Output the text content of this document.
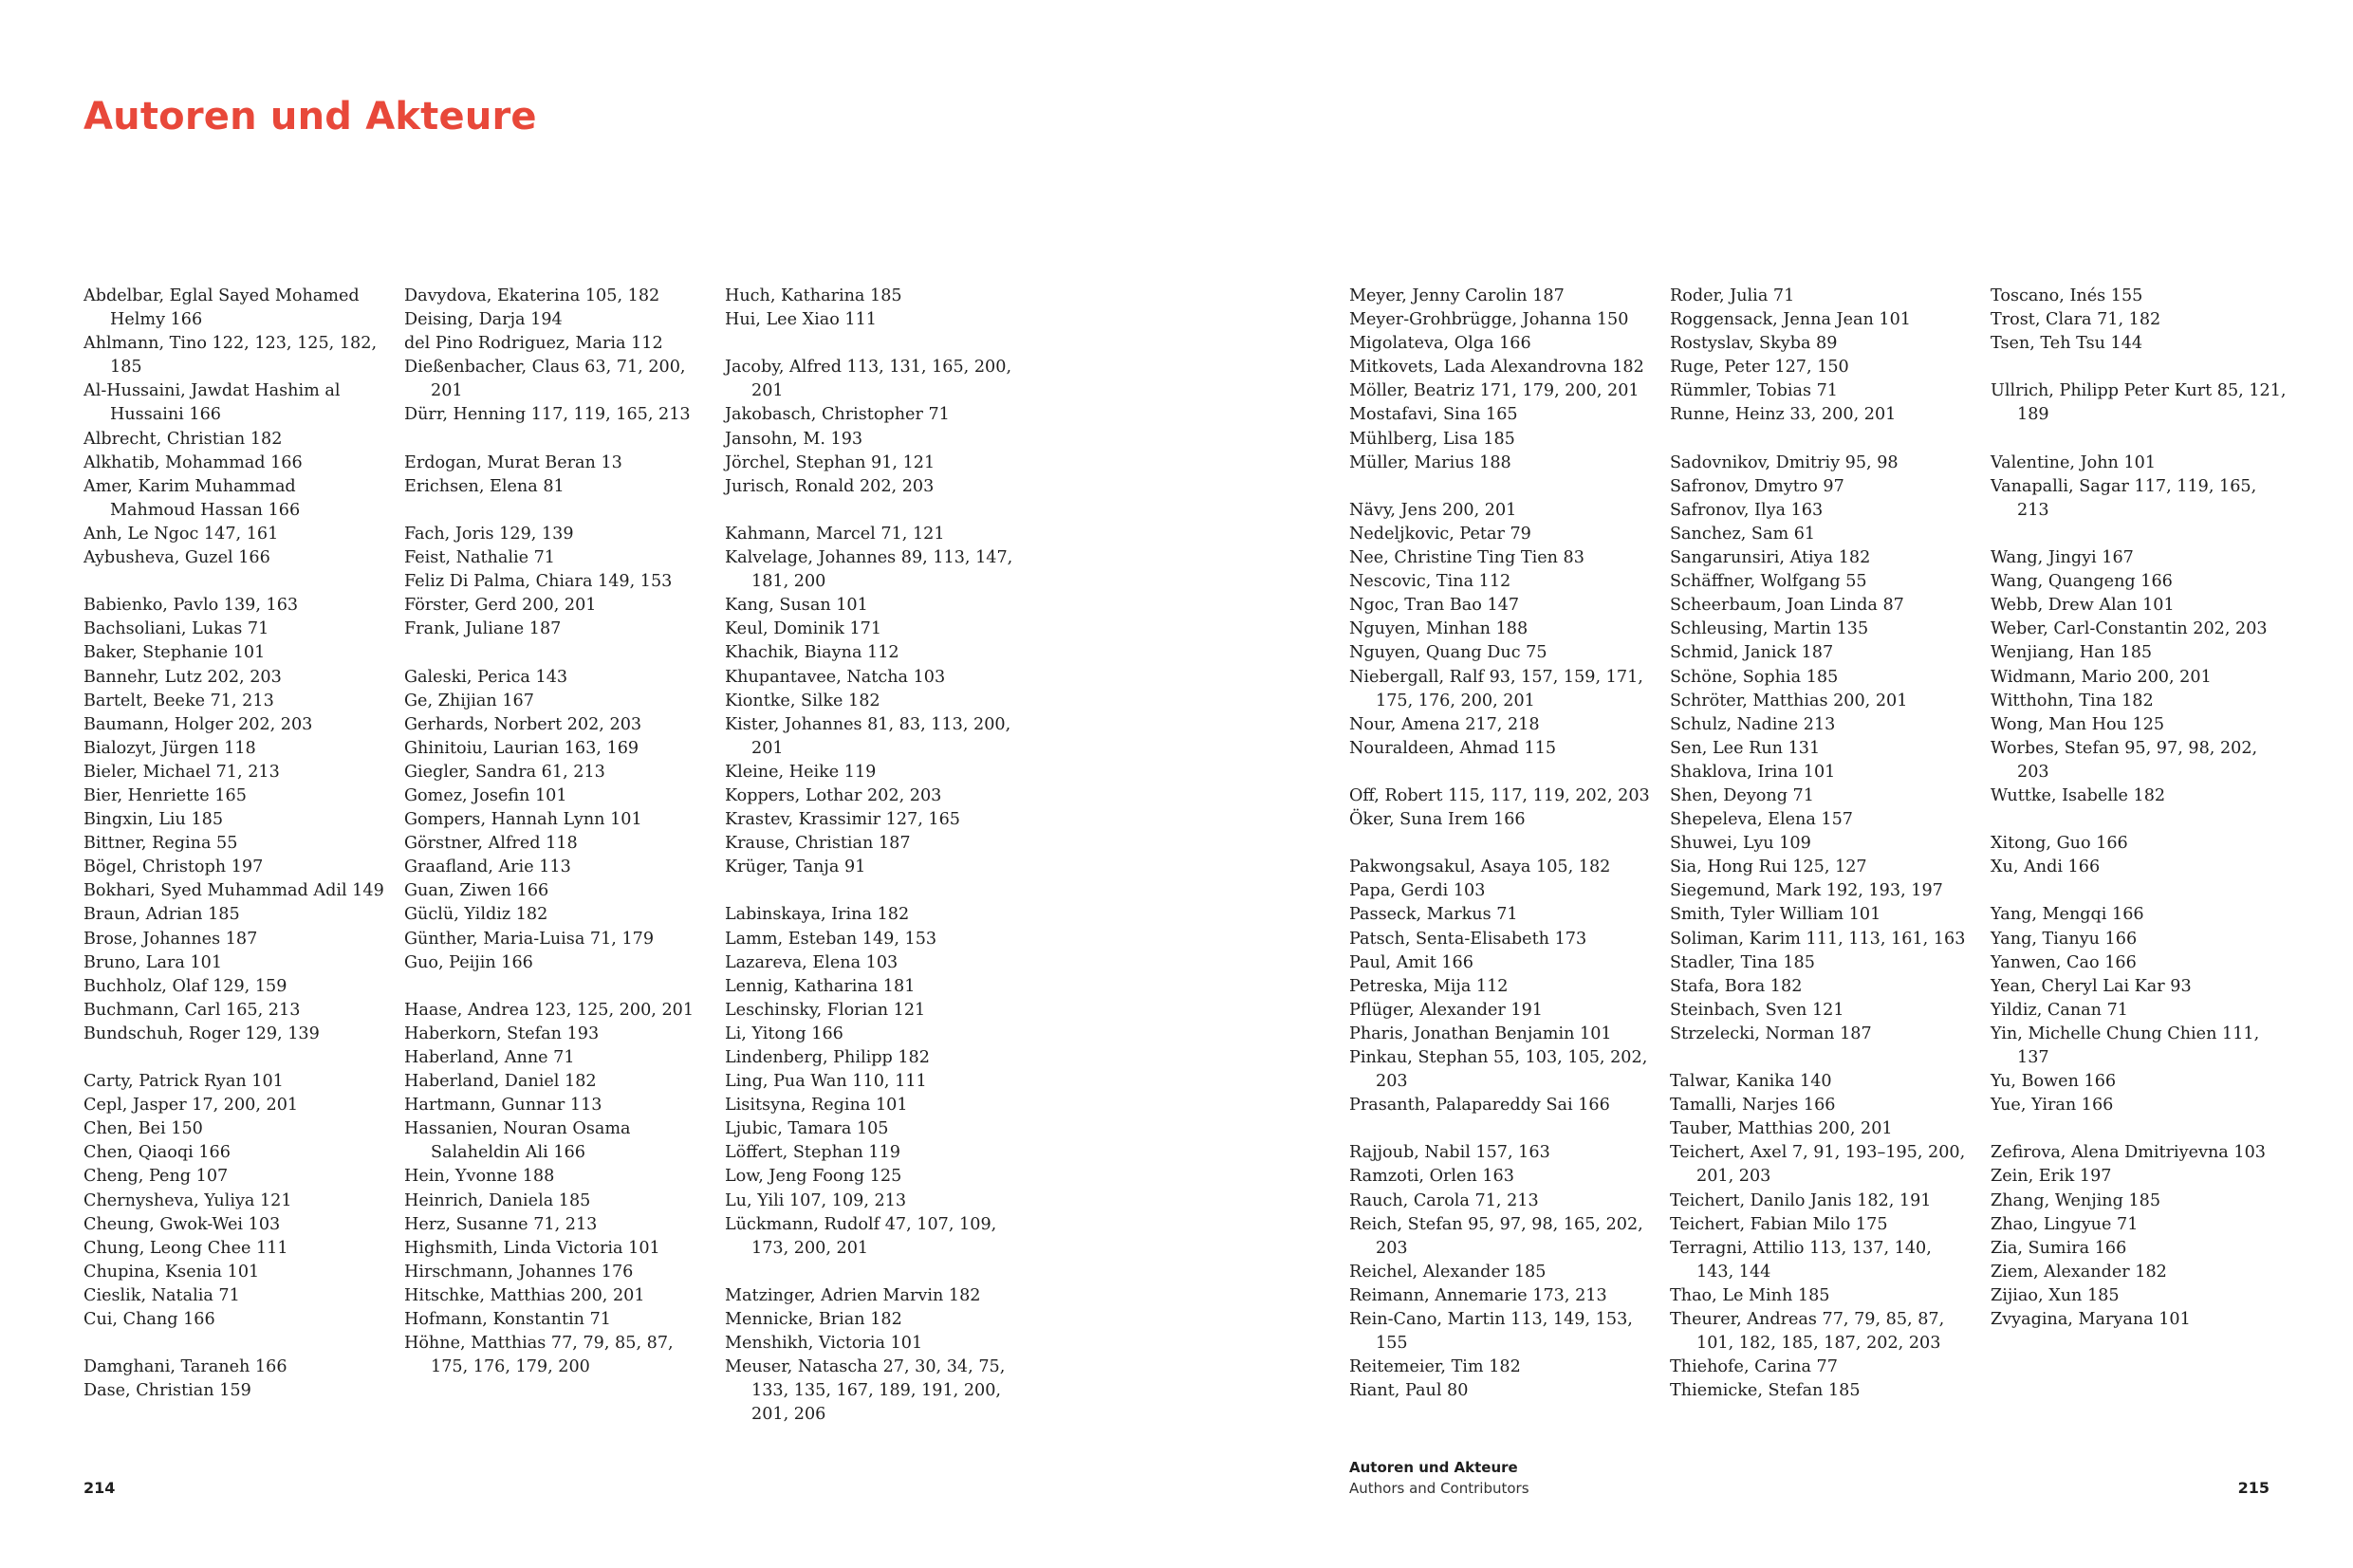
Autoren und Akteure
Abdelbar, Eglal Sayed Mohamed Helmy 166
Ahlmann, Tino 122, 123, 125, 182, 185
Al-Hussaini, Jawdat Hashim al Hussaini 166
Albrecht, Christian 182
Alkhatib, Mohammad 166
Amer, Karim Muhammad Mahmoud Hassan 166
Anh, Le Ngoc 147, 161
Aybusheva, Guzel 166
Babienko, Pavlo 139, 163
Bachsoliani, Lukas 71
Baker, Stephanie 101
Bannehr, Lutz 202, 203
Bartelt, Beeke 71, 213
Baumann, Holger 202, 203
Bialozyt, Jürgen 118
Bieler, Michael 71, 213
Bier, Henriette 165
Bingxin, Liu 185
Bittner, Regina 55
Bögel, Christoph 197
Bokhari, Syed Muhammad Adil 149
Braun, Adrian 185
Brose, Johannes 187
Bruno, Lara 101
Buchholz, Olaf 129, 159
Buchmann, Carl 165, 213
Bundschuh, Roger 129, 139
Carty, Patrick Ryan 101
Cepl, Jasper 17, 200, 201
Chen, Bei 150
Chen, Qiaoqi 166
Cheng, Peng 107
Chernysheva, Yuliya 121
Cheung, Gwok-Wei 103
Chung, Leong Chee 111
Chupina, Ksenia 101
Cieslik, Natalia 71
Cui, Chang 166
Damghani, Taraneh 166
Dase, Christian 159
Davydova, Ekaterina 105, 182
Deising, Darja 194
del Pino Rodriguez, Maria 112
Dießenbacher, Claus 63, 71, 200, 201
Dürr, Henning 117, 119, 165, 213
Erdogan, Murat Beran 13
Erichsen, Elena 81
Fach, Joris 129, 139
Feist, Nathalie 71
Feliz Di Palma, Chiara 149, 153
Förster, Gerd 200, 201
Frank, Juliane 187
Galeski, Perica 143
Ge, Zhijian 167
Gerhards, Norbert 202, 203
Ghinitoiu, Laurian 163, 169
Giegler, Sandra 61, 213
Gomez, Josefin 101
Gompers, Hannah Lynn 101
Görstner, Alfred 118
Graafland, Arie 113
Guan, Ziwen 166
Güclü, Yildiz 182
Günther, Maria-Luisa 71, 179
Guo, Peijin 166
Haase, Andrea 123, 125, 200, 201
Haberkorn, Stefan 193
Haberland, Anne 71
Haberland, Daniel 182
Hartmann, Gunnar 113
Hassanien, Nouran Osama Salaheldin Ali 166
Hein, Yvonne 188
Heinrich, Daniela 185
Herz, Susanne 71, 213
Highsmith, Linda Victoria 101
Hirschmann, Johannes 176
Hitschke, Matthias 200, 201
Hofmann, Konstantin 71
Höhne, Matthias 77, 79, 85, 87, 175, 176, 179, 200
Huch, Katharina 185
Hui, Lee Xiao 111
Jacoby, Alfred 113, 131, 165, 200, 201
Jakobasch, Christopher 71
Jansohn, M. 193
Jörchel, Stephan 91, 121
Jurisch, Ronald 202, 203
Kahmann, Marcel 71, 121
Kalvelage, Johannes 89, 113, 147, 181, 200
Kang, Susan 101
Keul, Dominik 171
Khachik, Biayna 112
Khupantavee, Natcha 103
Kiontke, Silke 182
Kister, Johannes 81, 83, 113, 200, 201
Kleine, Heike 119
Koppers, Lothar 202, 203
Krastev, Krassimir 127, 165
Krause, Christian 187
Krüger, Tanja 91
Labinskaya, Irina 182
Lamm, Esteban 149, 153
Lazareva, Elena 103
Lennig, Katharina 181
Leschinsky, Florian 121
Li, Yitong 166
Lindenberg, Philipp 182
Ling, Pua Wan 110, 111
Lisitsyna, Regina 101
Ljubic, Tamara 105
Löffert, Stephan 119
Low, Jeng Foong 125
Lu, Yili 107, 109, 213
Lückmann, Rudolf 47, 107, 109, 173, 200, 201
Matzinger, Adrien Marvin 182
Mennicke, Brian 182
Menshikh, Victoria 101
Meuser, Natascha 27, 30, 34, 75, 133, 135, 167, 189, 191, 200, 201, 206
Meyer, Jenny Carolin 187
Meyer-Grohbrügge, Johanna 150
Migolateva, Olga 166
Mitkovets, Lada Alexandrovna 182
Möller, Beatriz 171, 179, 200, 201
Mostafavi, Sina 165
Mühlberg, Lisa 185
Müller, Marius 188
Nävy, Jens 200, 201
Nedeljkovic, Petar 79
Nee, Christine Ting Tien 83
Nescovic, Tina 112
Ngoc, Tran Bao 147
Nguyen, Minhan 188
Nguyen, Quang Duc 75
Niebergall, Ralf 93, 157, 159, 171, 175, 176, 200, 201
Nour, Amena 217, 218
Nouraldeen, Ahmad 115
Off, Robert 115, 117, 119, 202, 203
Öker, Suna Irem 166
Pakwongsakul, Asaya 105, 182
Papa, Gerdi 103
Passeck, Markus 71
Patsch, Senta-Elisabeth 173
Paul, Amit 166
Petreska, Mija 112
Pflüger, Alexander 191
Pharis, Jonathan Benjamin 101
Pinkau, Stephan 55, 103, 105, 202, 203
Prasanth, Palapareddy Sai 166
Rajjoub, Nabil 157, 163
Ramzoti, Orlen 163
Rauch, Carola 71, 213
Reich, Stefan 95, 97, 98, 165, 202, 203
Reichel, Alexander 185
Reimann, Annemarie 173, 213
Rein-Cano, Martin 113, 149, 153, 155
Reitemeier, Tim 182
Riant, Paul 80
Roder, Julia 71
Roggensack, Jenna Jean 101
Rostyslav, Skyba 89
Ruge, Peter 127, 150
Rümmler, Tobias 71
Runne, Heinz 33, 200, 201
Sadovnikov, Dmitriy 95, 98
Safronov, Dmytro 97
Safronov, Ilya 163
Sanchez, Sam 61
Sangarunsiri, Atiya 182
Schäffner, Wolfgang 55
Scheerbaum, Joan Linda 87
Schleusing, Martin 135
Schmid, Janick 187
Schöne, Sophia 185
Schröter, Matthias 200, 201
Schulz, Nadine 213
Sen, Lee Run 131
Shaklova, Irina 101
Shen, Deyong 71
Shepeleva, Elena 157
Shuwei, Lyu 109
Sia, Hong Rui 125, 127
Siegemund, Mark 192, 193, 197
Smith, Tyler William 101
Soliman, Karim 111, 113, 161, 163
Stadler, Tina 185
Stafa, Bora 182
Steinbach, Sven 121
Strzelecki, Norman 187
Talwar, Kanika 140
Tamalli, Narjes 166
Tauber, Matthias 200, 201
Teichert, Axel 7, 91, 193–195, 200, 201, 203
Teichert, Danilo Janis 182, 191
Teichert, Fabian Milo 175
Terragni, Attilio 113, 137, 140, 143, 144
Thao, Le Minh 185
Theurer, Andreas 77, 79, 85, 87, 101, 182, 185, 187, 202, 203
Thiehofe, Carina 77
Thiemicke, Stefan 185
Toscano, Inés 155
Trost, Clara 71, 182
Tsen, Teh Tsu 144
Ullrich, Philipp Peter Kurt 85, 121, 189
Valentine, John 101
Vanapalli, Sagar 117, 119, 165, 213
Wang, Jingyi 167
Wang, Quangeng 166
Webb, Drew Alan 101
Weber, Carl-Constantin 202, 203
Wenjiang, Han 185
Widmann, Mario 200, 201
Witthohn, Tina 182
Wong, Man Hou 125
Worbes, Stefan 95, 97, 98, 202, 203
Wuttke, Isabelle 182
Xitong, Guo 166
Xu, Andi 166
Yang, Mengqi 166
Yang, Tianyu 166
Yanwen, Cao 166
Yean, Cheryl Lai Kar 93
Yildiz, Canan 71
Yin, Michelle Chung Chien 111, 137
Yu, Bowen 166
Yue, Yiran 166
Zefirova, Alena Dmitriyevna 103
Zein, Erik 197
Zhang, Wenjing 185
Zhao, Lingyue 71
Zia, Sumira 166
Ziem, Alexander 182
Zijiao, Xun 185
Zvyagina, Maryana 101
214
Autoren und Akteure
Authors and Contributors	215
